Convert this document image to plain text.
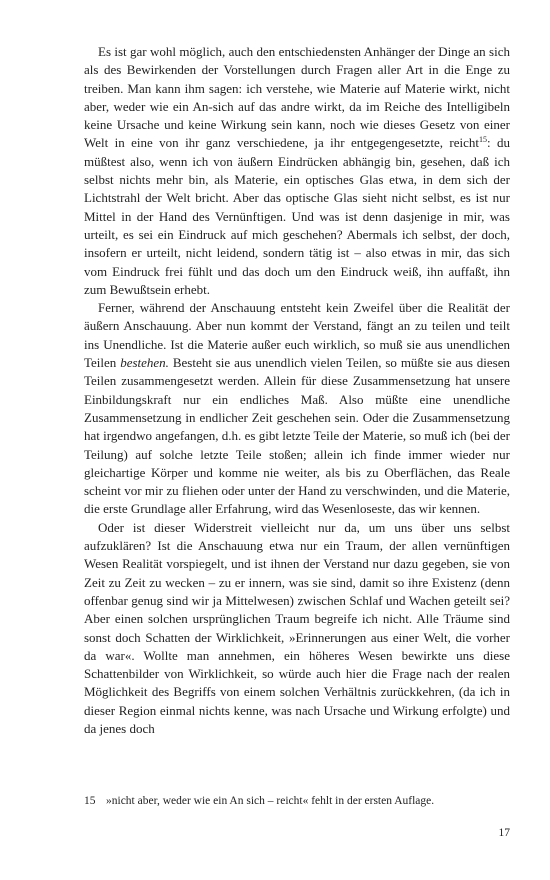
Es ist gar wohl möglich, auch den entschiedensten Anhänger der Dinge an sich als des Bewirkenden der Vorstellungen durch Fragen aller Art in die Enge zu treiben. Man kann ihm sagen: ich verstehe, wie Materie auf Materie wirkt, nicht aber, weder wie ein An-sich auf das andre wirkt, da im Reiche des Intelligibeln keine Ursache und keine Wirkung sein kann, noch wie dieses Gesetz von einer Welt in eine von ihr ganz verschiedene, ja ihr entgegengesetzte, reicht$^{15}$: du müßtest also, wenn ich von äußern Eindrücken abhängig bin, gesehen, daß ich selbst nichts mehr bin, als Materie, ein optisches Glas etwa, in dem sich der Lichtstrahl der Welt bricht. Aber das optische Glas sieht nicht selbst, es ist nur Mittel in der Hand des Vernünftigen. Und was ist denn dasjenige in mir, was urteilt, es sei ein Eindruck auf mich geschehen? Abermals ich selbst, der doch, insofern er urteilt, nicht leidend, sondern tätig ist – also etwas in mir, das sich vom Eindruck frei fühlt und das doch um den Eindruck weiß, ihn auffaßt, ihn zum Bewußtsein erhebt.

Ferner, während der Anschauung entsteht kein Zweifel über die Realität der äußern Anschauung. Aber nun kommt der Verstand, fängt an zu teilen und teilt ins Unendliche. Ist die Materie außer euch wirklich, so muß sie aus unendlichen Teilen bestehen. Besteht sie aus unendlich vielen Teilen, so müßte sie aus diesen Teilen zusammengesetzt werden. Allein für diese Zusammensetzung hat unsere Einbildungskraft nur ein endliches Maß. Also müßte eine unendliche Zusammensetzung in endlicher Zeit geschehen sein. Oder die Zusammensetzung hat irgendwo angefangen, d.h. es gibt letzte Teile der Materie, so muß ich (bei der Teilung) auf solche letzte Teile stoßen; allein ich finde immer wieder nur gleichartige Körper und komme nie weiter, als bis zu Oberflächen, das Reale scheint vor mir zu fliehen oder unter der Hand zu verschwinden, und die Materie, die erste Grundlage aller Erfahrung, wird das Wesenloseste, das wir kennen.

Oder ist dieser Widerstreit vielleicht nur da, um uns über uns selbst aufzuklären? Ist die Anschauung etwa nur ein Traum, der allen vernünftigen Wesen Realität vorspiegelt, und ist ihnen der Verstand nur dazu gegeben, sie von Zeit zu Zeit zu wecken – zu er innern, was sie sind, damit so ihre Existenz (denn offenbar genug sind wir ja Mittelwesen) zwischen Schlaf und Wachen geteilt sei? Aber einen solchen ursprünglichen Traum begreife ich nicht. Alle Träume sind sonst doch Schatten der Wirklichkeit, »Erinnerungen aus einer Welt, die vorher da war«. Wollte man annehmen, ein höheres Wesen bewirkte uns diese Schattenbilder von Wirklichkeit, so würde auch hier die Frage nach der realen Möglichkeit des Begriffs von einem solchen Verhältnis zurückkehren, (da ich in dieser Region einmal nichts kenne, was nach Ursache und Wirkung erfolgte) und da jenes doch

15 »nicht aber, weder wie ein An sich – reicht« fehlt in der ersten Auflage.
17
